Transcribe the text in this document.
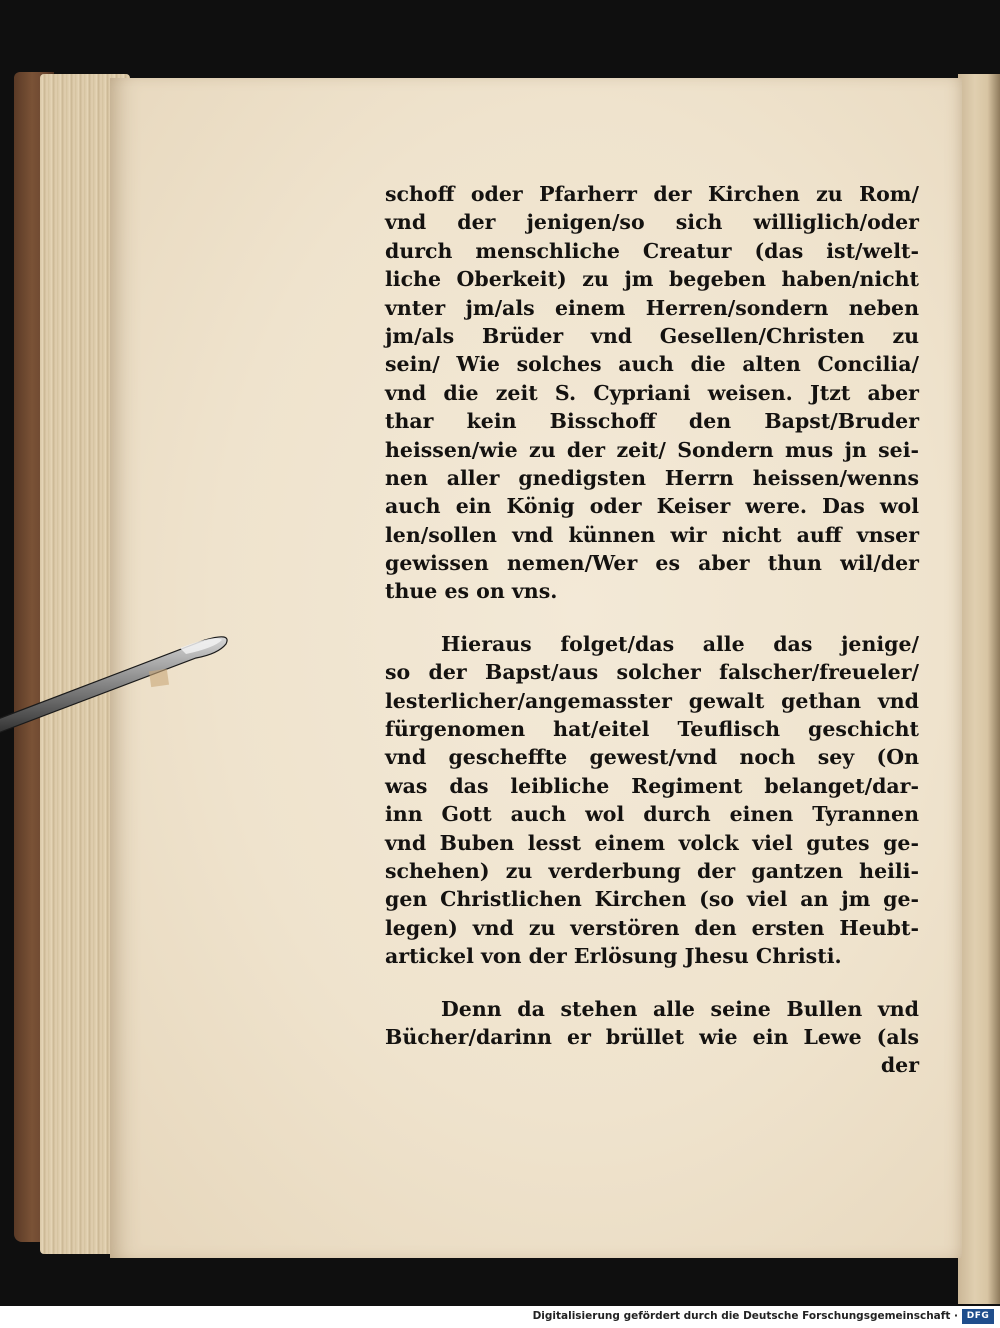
schoff oder Pfarherr der Kirchen zu Rom/
vnd der jenigen/so sich williglich/oder
durch menschliche Creatur (das ist/welt-
liche Oberkeit) zu jm begeben haben/nicht
vnter jm/als einem Herren/sondern neben
jm/als Brüder vnd Gesellen/Christen zu
sein/ Wie solches auch die alten Concilia/
vnd die zeit S. Cypriani weisen. Jtzt aber
thar kein Bisschoff den Bapst/Bruder
heissen/wie zu der zeit/ Sondern mus jn sei-
nen aller gnedigsten Herrn heissen/wenns
auch ein König oder Keiser were. Das wol
len/sollen vnd künnen wir nicht auff vnser
gewissen nemen/Wer es aber thun wil/der
thue es on vns.
Hieraus folget/das alle das jenige/
so der Bapst/aus solcher falscher/freueler/
lesterlicher/angemasster gewalt gethan vnd
fürgenomen hat/eitel Teuflisch geschicht
vnd gescheffte gewest/vnd noch sey (On
was das leibliche Regiment belanget/dar-
inn Gott auch wol durch einen Tyrannen
vnd Buben lesst einem volck viel gutes ge-
schehen) zu verderbung der gantzen heili-
gen Christlichen Kirchen (so viel an jm ge-
legen) vnd zu verstören den ersten Heubt-
artickel von der Erlösung Jhesu Christi.
Denn da stehen alle seine Bullen vnd
Bücher/darinn er brüllet wie ein Lewe (als
der
Digitalisierung gefördert durch die Deutsche Forschungsgemeinschaft · DFG
